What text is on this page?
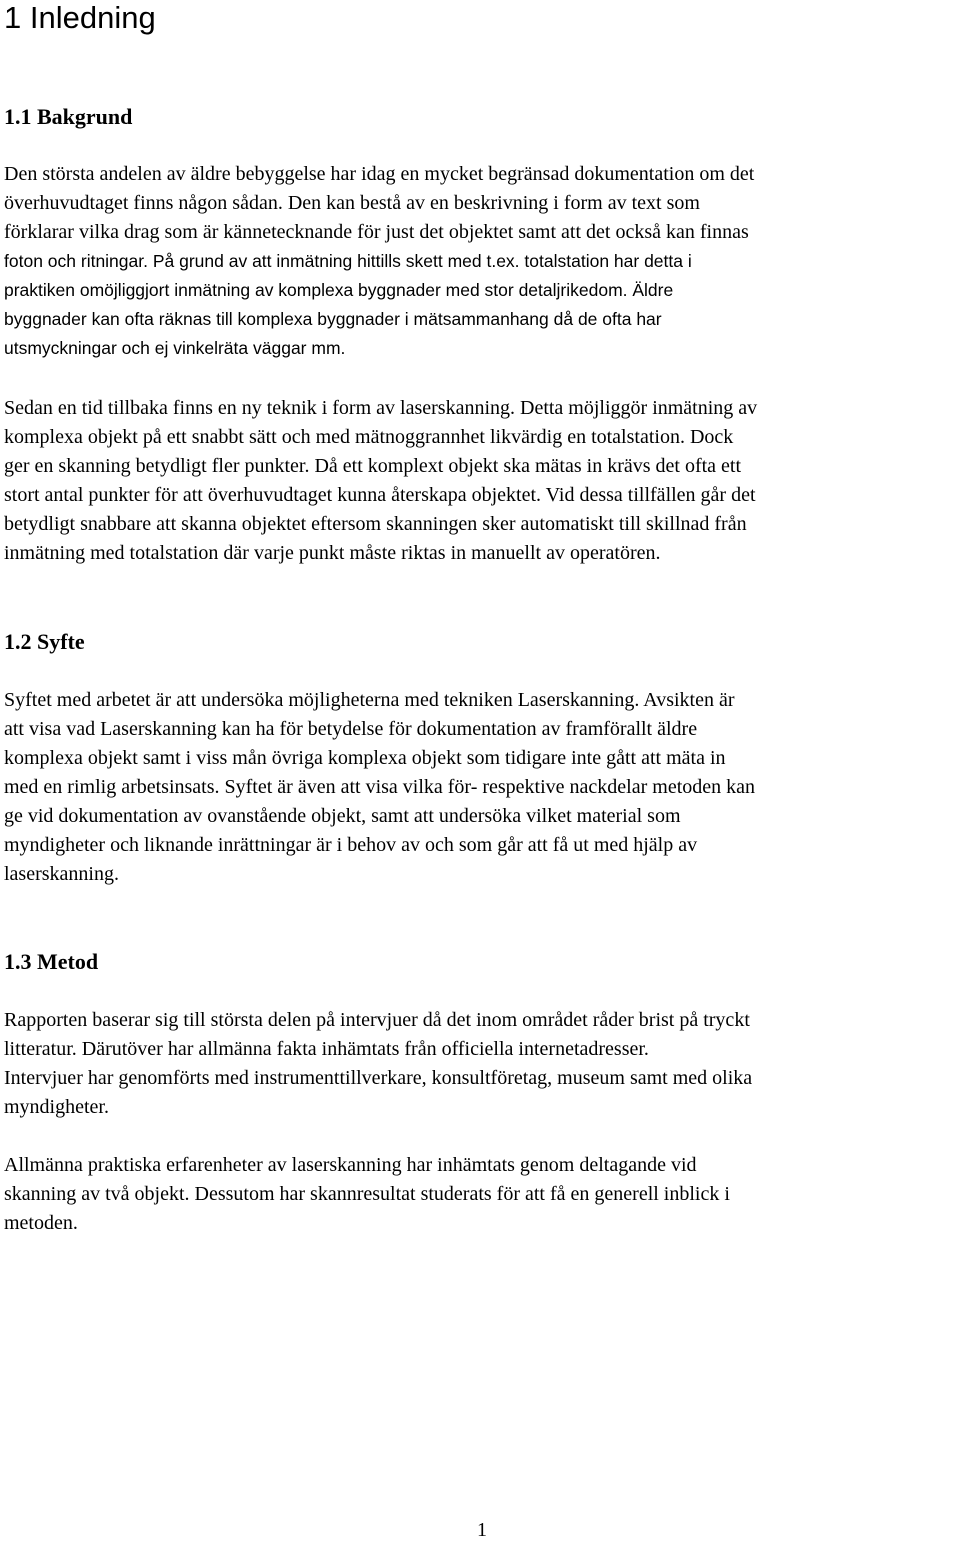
1 Inledning
1.1 Bakgrund
Den största andelen av äldre bebyggelse har idag en mycket begränsad dokumentation om det
överhuvudtaget finns någon sådan. Den kan bestå av en beskrivning i form av text som
förklarar vilka drag som är kännetecknande för just det objektet samt att det också kan finnas
foton och ritningar. På grund av att inmätning hittills skett med t.ex. totalstation har detta i
praktiken omöjliggjort inmätning av komplexa byggnader med stor detaljrikedom. Äldre
byggnader kan ofta räknas till komplexa byggnader i mätsammanhang då de ofta har
utsmyckningar och ej vinkelräta väggar mm.
Sedan en tid tillbaka finns en ny teknik i form av laserskanning. Detta möjliggör inmätning av
komplexa objekt på ett snabbt sätt och med mätnoggrannhet likvärdig en totalstation. Dock
ger en skanning betydligt fler punkter. Då ett komplext objekt ska mätas in krävs det ofta ett
stort antal punkter för att överhuvudtaget kunna återskapa objektet. Vid dessa tillfällen går det
betydligt snabbare att skanna objektet eftersom skanningen sker automatiskt till skillnad från
inmätning med totalstation där varje punkt måste riktas in manuellt av operatören.
1.2 Syfte
Syftet med arbetet är att undersöka möjligheterna med tekniken Laserskanning. Avsikten är
att visa vad Laserskanning kan ha för betydelse för dokumentation av framförallt äldre
komplexa objekt samt i viss mån övriga komplexa objekt som tidigare inte gått att mäta in
med en rimlig arbetsinsats. Syftet är även att visa vilka för- respektive nackdelar metoden kan
ge vid dokumentation av ovanstående objekt, samt att undersöka vilket material som
myndigheter och liknande inrättningar är i behov av och som går att få ut med hjälp av
laserskanning.
1.3 Metod
Rapporten baserar sig till största delen på intervjuer då det inom området råder brist på tryckt
litteratur. Därutöver har allmänna fakta inhämtats från officiella internetadresser.
Intervjuer har genomförts med instrumenttillverkare, konsultföretag, museum samt med olika
myndigheter.
Allmänna praktiska erfarenheter av laserskanning har inhämtats genom deltagande vid
skanning av två objekt. Dessutom har skannresultat studerats för att få en generell inblick i
metoden.
1
